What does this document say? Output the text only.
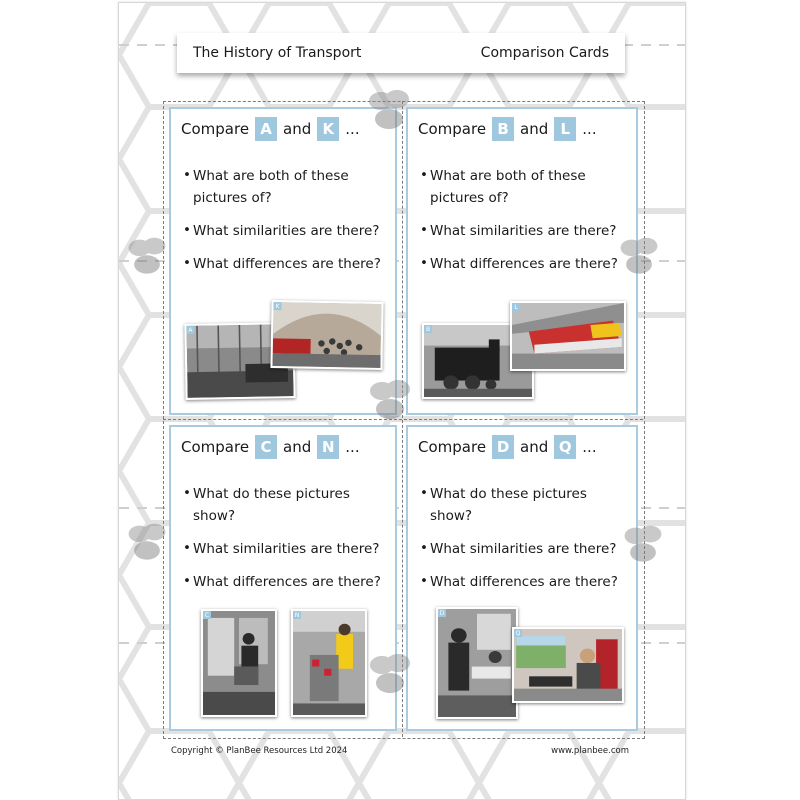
The History of Transport	Comparison Cards
Compare A and K ...
• What are both of these pictures of?
• What similarities are there?
• What differences are there?
A
K
Compare B and L ...
• What are both of these pictures of?
• What similarities are there?
• What differences are there?
B
L
Compare C and N ...
• What do these pictures show?
• What similarities are there?
• What differences are there?
C	N
Compare D and Q ...
• What do these pictures show?
• What similarities are there?
• What differences are there?
D
Q
Copyright © PlanBee Resources Ltd 2024	www.planbee.com
